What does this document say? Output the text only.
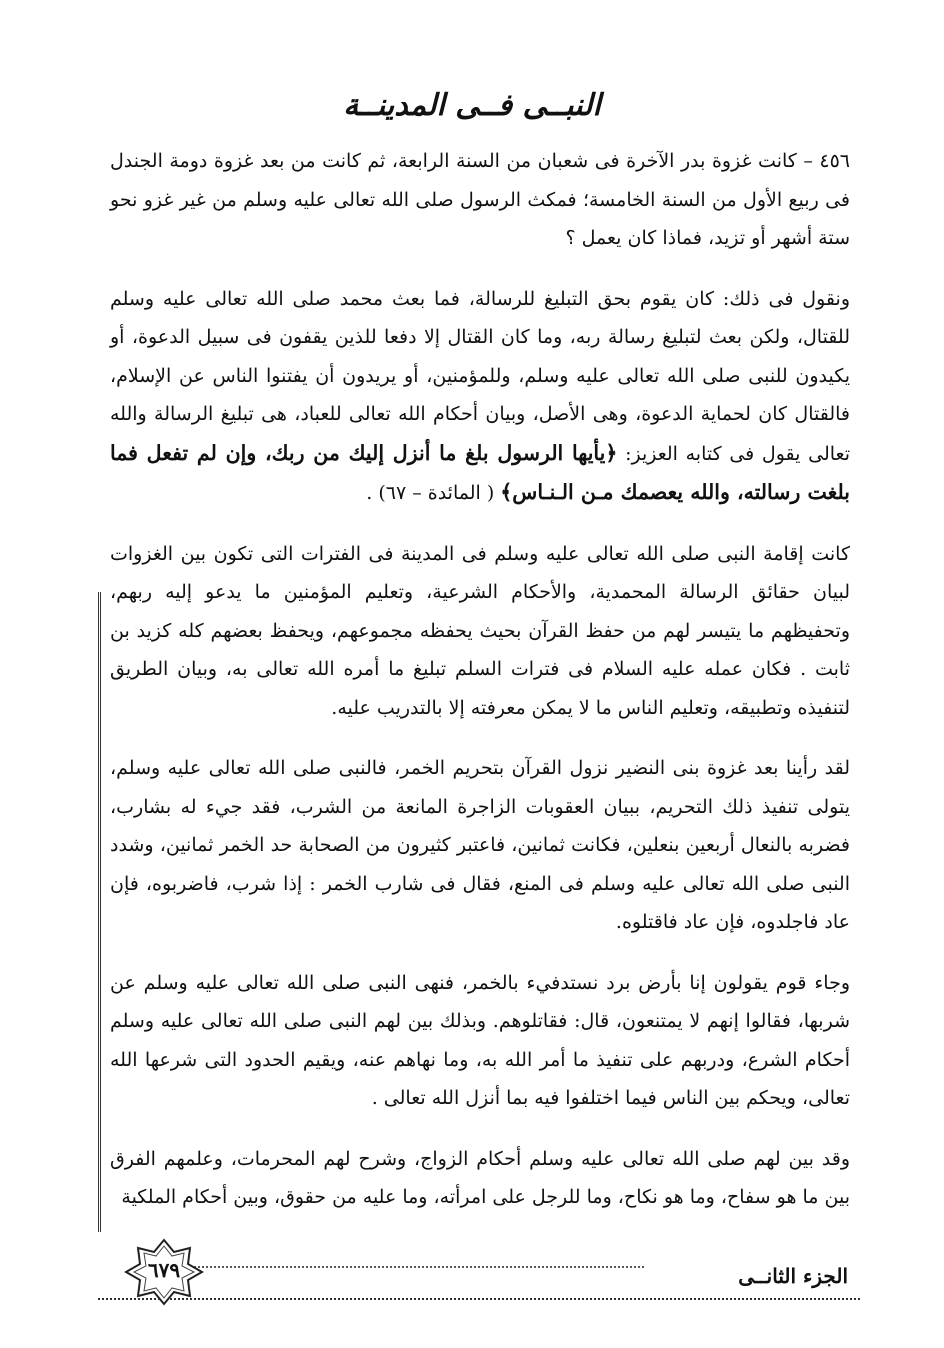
النبــى فــى المدينــة

٤٥٦ – كانت غزوة بدر الآخرة فى شعبان من السنة الرابعة، ثم كانت من بعد غزوة دومة الجندل فى ربيع الأول من السنة الخامسة؛ فمكث الرسول صلى الله تعالى عليه وسلم من غير غزو نحو ستة أشهر أو تزيد، فماذا كان يعمل ؟

ونقول فى ذلك: كان يقوم بحق التبليغ للرسالة، فما بعث محمد صلى الله تعالى عليه وسلم للقتال، ولكن بعث لتبليغ رسالة ربه، وما كان القتال إلا دفعا للذين يقفون فى سبيل الدعوة، أو يكيدون للنبى صلى الله تعالى عليه وسلم، وللمؤمنين، أو يريدون أن يفتنوا الناس عن الإسلام، فالقتال كان لحماية الدعوة، وهى الأصل، وبيان أحكام الله تعالى للعباد، هى تبليغ الرسالة والله تعالى يقول فى كتابه العزيز: ﴿يأيها الرسول بلغ ما أنزل إليك من ربك، وإن لم تفعل فما بلغت رسالته، والله يعصمك مـن الـنـاس﴾ ( المائدة – ٦٧) .

كانت إقامة النبى صلى الله تعالى عليه وسلم فى المدينة فى الفترات التى تكون بين الغزوات لبيان حقائق الرسالة المحمدية، والأحكام الشرعية، وتعليم المؤمنين ما يدعو إليه ربهم، وتحفيظهم ما يتيسر لهم من حفظ القرآن بحيث يحفظه مجموعهم، ويحفظ بعضهم كله كزيد بن ثابت . فكان عمله عليه السلام فى فترات السلم تبليغ ما أمره الله تعالى به، وبيان الطريق لتنفيذه وتطبيقه، وتعليم الناس ما لا يمكن معرفته إلا بالتدريب عليه.

لقد رأينا بعد غزوة بنى النضير نزول القرآن بتحريم الخمر، فالنبى صلى الله تعالى عليه وسلم، يتولى تنفيذ ذلك التحريم، ببيان العقوبات الزاجرة المانعة من الشرب، فقد جيء له بشارب، فضربه بالنعال أربعين بنعلين، فكانت ثمانين، فاعتبر كثيرون من الصحابة حد الخمر ثمانين، وشدد النبى صلى الله تعالى عليه وسلم فى المنع، فقال فى شارب الخمر : إذا شرب، فاضربوه، فإن عاد فاجلدوه، فإن عاد فاقتلوه.

وجاء قوم يقولون إنا بأرض برد نستدفيء بالخمر، فنهى النبى صلى الله تعالى عليه وسلم عن شربها، فقالوا إنهم لا يمتنعون، قال: فقاتلوهم. وبذلك بين لهم النبى صلى الله تعالى عليه وسلم أحكام الشرع، ودربهم على تنفيذ ما أمر الله به، وما نهاهم عنه، ويقيم الحدود التى شرعها الله تعالى، ويحكم بين الناس فيما اختلفوا فيه بما أنزل الله تعالى .

وقد بين لهم صلى الله تعالى عليه وسلم أحكام الزواج، وشرح لهم المحرمات، وعلمهم الفرق بين ما هو سفاح، وما هو نكاح، وما للرجل على امرأته، وما عليه من حقوق، وبين أحكام الملكية

الجزء الثانــى
٦٧٩
